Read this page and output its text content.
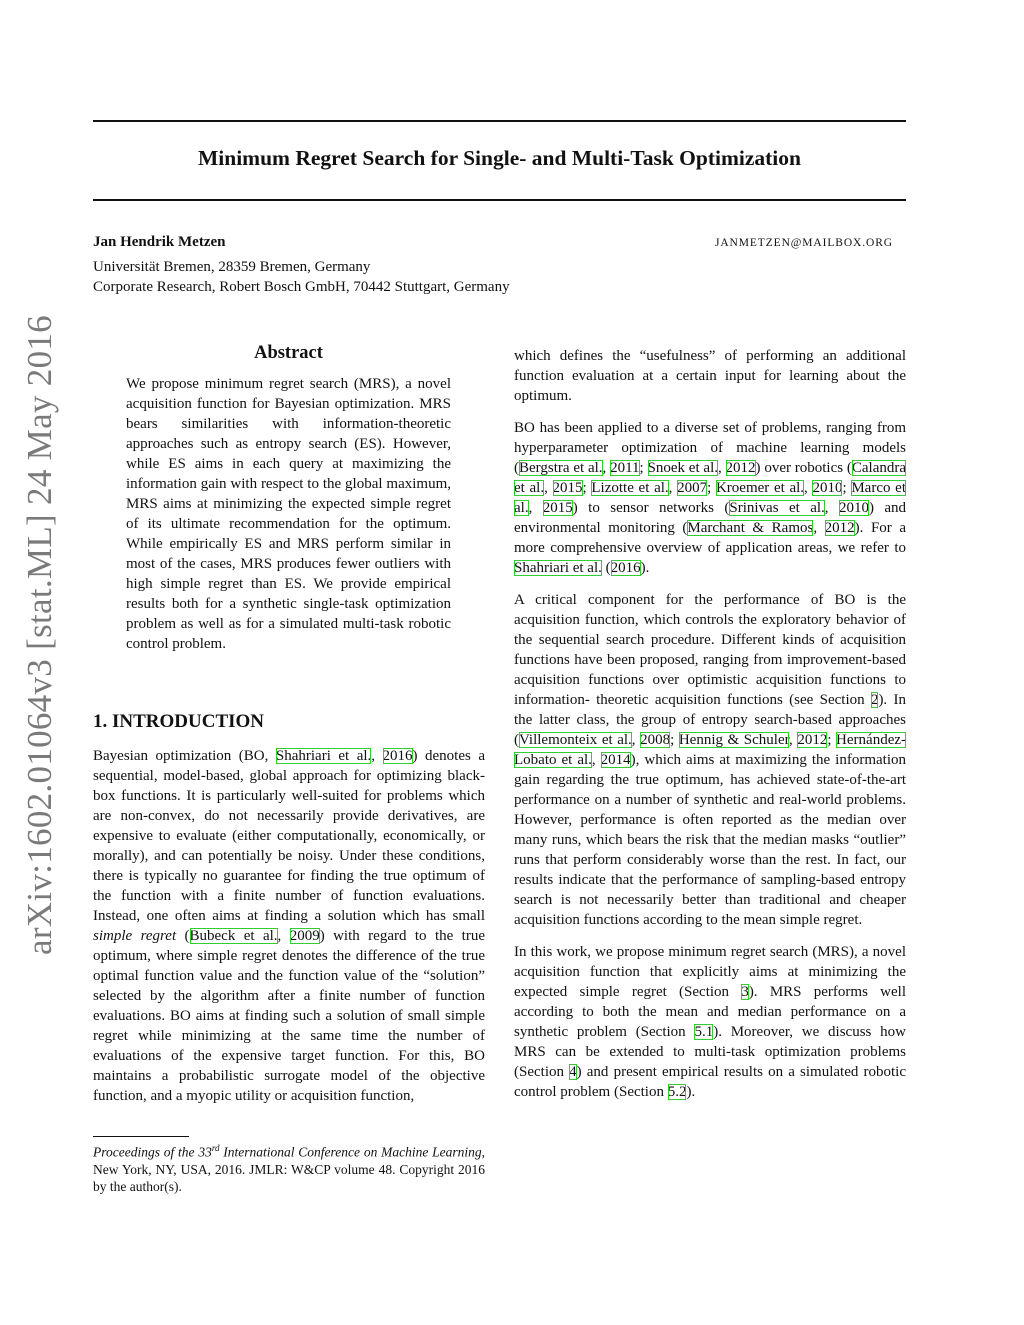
Minimum Regret Search for Single- and Multi-Task Optimization
Jan Hendrik Metzen	JANMETZEN@MAILBOX.ORG
Universität Bremen, 28359 Bremen, Germany
Corporate Research, Robert Bosch GmbH, 70442 Stuttgart, Germany
arXiv:1602.01064v3 [stat.ML] 24 May 2016	Abstract
We propose minimum regret search (MRS), a novel acquisition function for Bayesian optimization. MRS bears similarities with information-theoretic approaches such as entropy search (ES). However, while ES aims in each query at maximizing the information gain with respect to the global maximum, MRS aims at minimizing the expected simple regret of its ultimate recommendation for the optimum. While empirically ES and MRS perform similar in most of the cases, MRS produces fewer outliers with high simple regret than ES. We provide empirical results both for a synthetic single-task optimization problem as well as for a simulated multi-task robotic control problem.
1. INTRODUCTION

Bayesian optimization (BO, Shahriari et al., 2016) denotes a sequential, model-based, global approach for optimizing black-box functions. It is particularly well-suited for problems which are non-convex, do not necessarily provide derivatives, are expensive to evaluate (either computationally, economically, or morally), and can potentially be noisy. Under these conditions, there is typically no guarantee for finding the true optimum of the function with a finite number of function evaluations. Instead, one often aims at finding a solution which has small simple regret (Bubeck et al., 2009) with regard to the true optimum, where simple regret denotes the difference of the true optimal function value and the function value of the “solution” selected by the algorithm after a finite number of function evaluations. BO aims at finding such a solution of small simple regret while minimizing at the same time the number of evaluations of the expensive target function. For this, BO maintains a probabilistic surrogate model of the objective function, and a myopic utility or acquisition function,

Proceedings of the 33rd International Conference on Machine Learning, New York, NY, USA, 2016. JMLR: W&CP volume 48. Copyright 2016 by the author(s).

which defines the “usefulness” of performing an additional function evaluation at a certain input for learning about the optimum.

BO has been applied to a diverse set of problems, ranging from hyperparameter optimization of machine learning models (Bergstra et al., 2011; Snoek et al., 2012) over robotics (Calandra et al., 2015; Lizotte et al., 2007; Kroemer et al., 2010; Marco et al., 2015) to sensor networks (Srinivas et al., 2010) and environmental monitoring (Marchant & Ramos, 2012). For a more comprehensive overview of application areas, we refer to Shahriari et al. (2016).

A critical component for the performance of BO is the acquisition function, which controls the exploratory behavior of the sequential search procedure. Different kinds of acquisition functions have been proposed, ranging from improvement-based acquisition functions over optimistic acquisition functions to information- theoretic acquisition functions (see Section 2). In the latter class, the group of entropy search-based approaches (Villemonteix et al., 2008; Hennig & Schuler, 2012; Hernández-Lobato et al., 2014), which aims at maximizing the information gain regarding the true optimum, has achieved state-of-the-art performance on a number of synthetic and real-world problems. However, performance is often reported as the median over many runs, which bears the risk that the median masks “outlier” runs that perform considerably worse than the rest. In fact, our results indicate that the performance of sampling-based entropy search is not necessarily better than traditional and cheaper acquisition functions according to the mean simple regret.

In this work, we propose minimum regret search (MRS), a novel acquisition function that explicitly aims at minimizing the expected simple regret (Section 3). MRS performs well according to both the mean and median performance on a synthetic problem (Section 5.1). Moreover, we discuss how MRS can be extended to multi-task optimization problems (Section 4) and present empirical results on a simulated robotic control problem (Section 5.2).
